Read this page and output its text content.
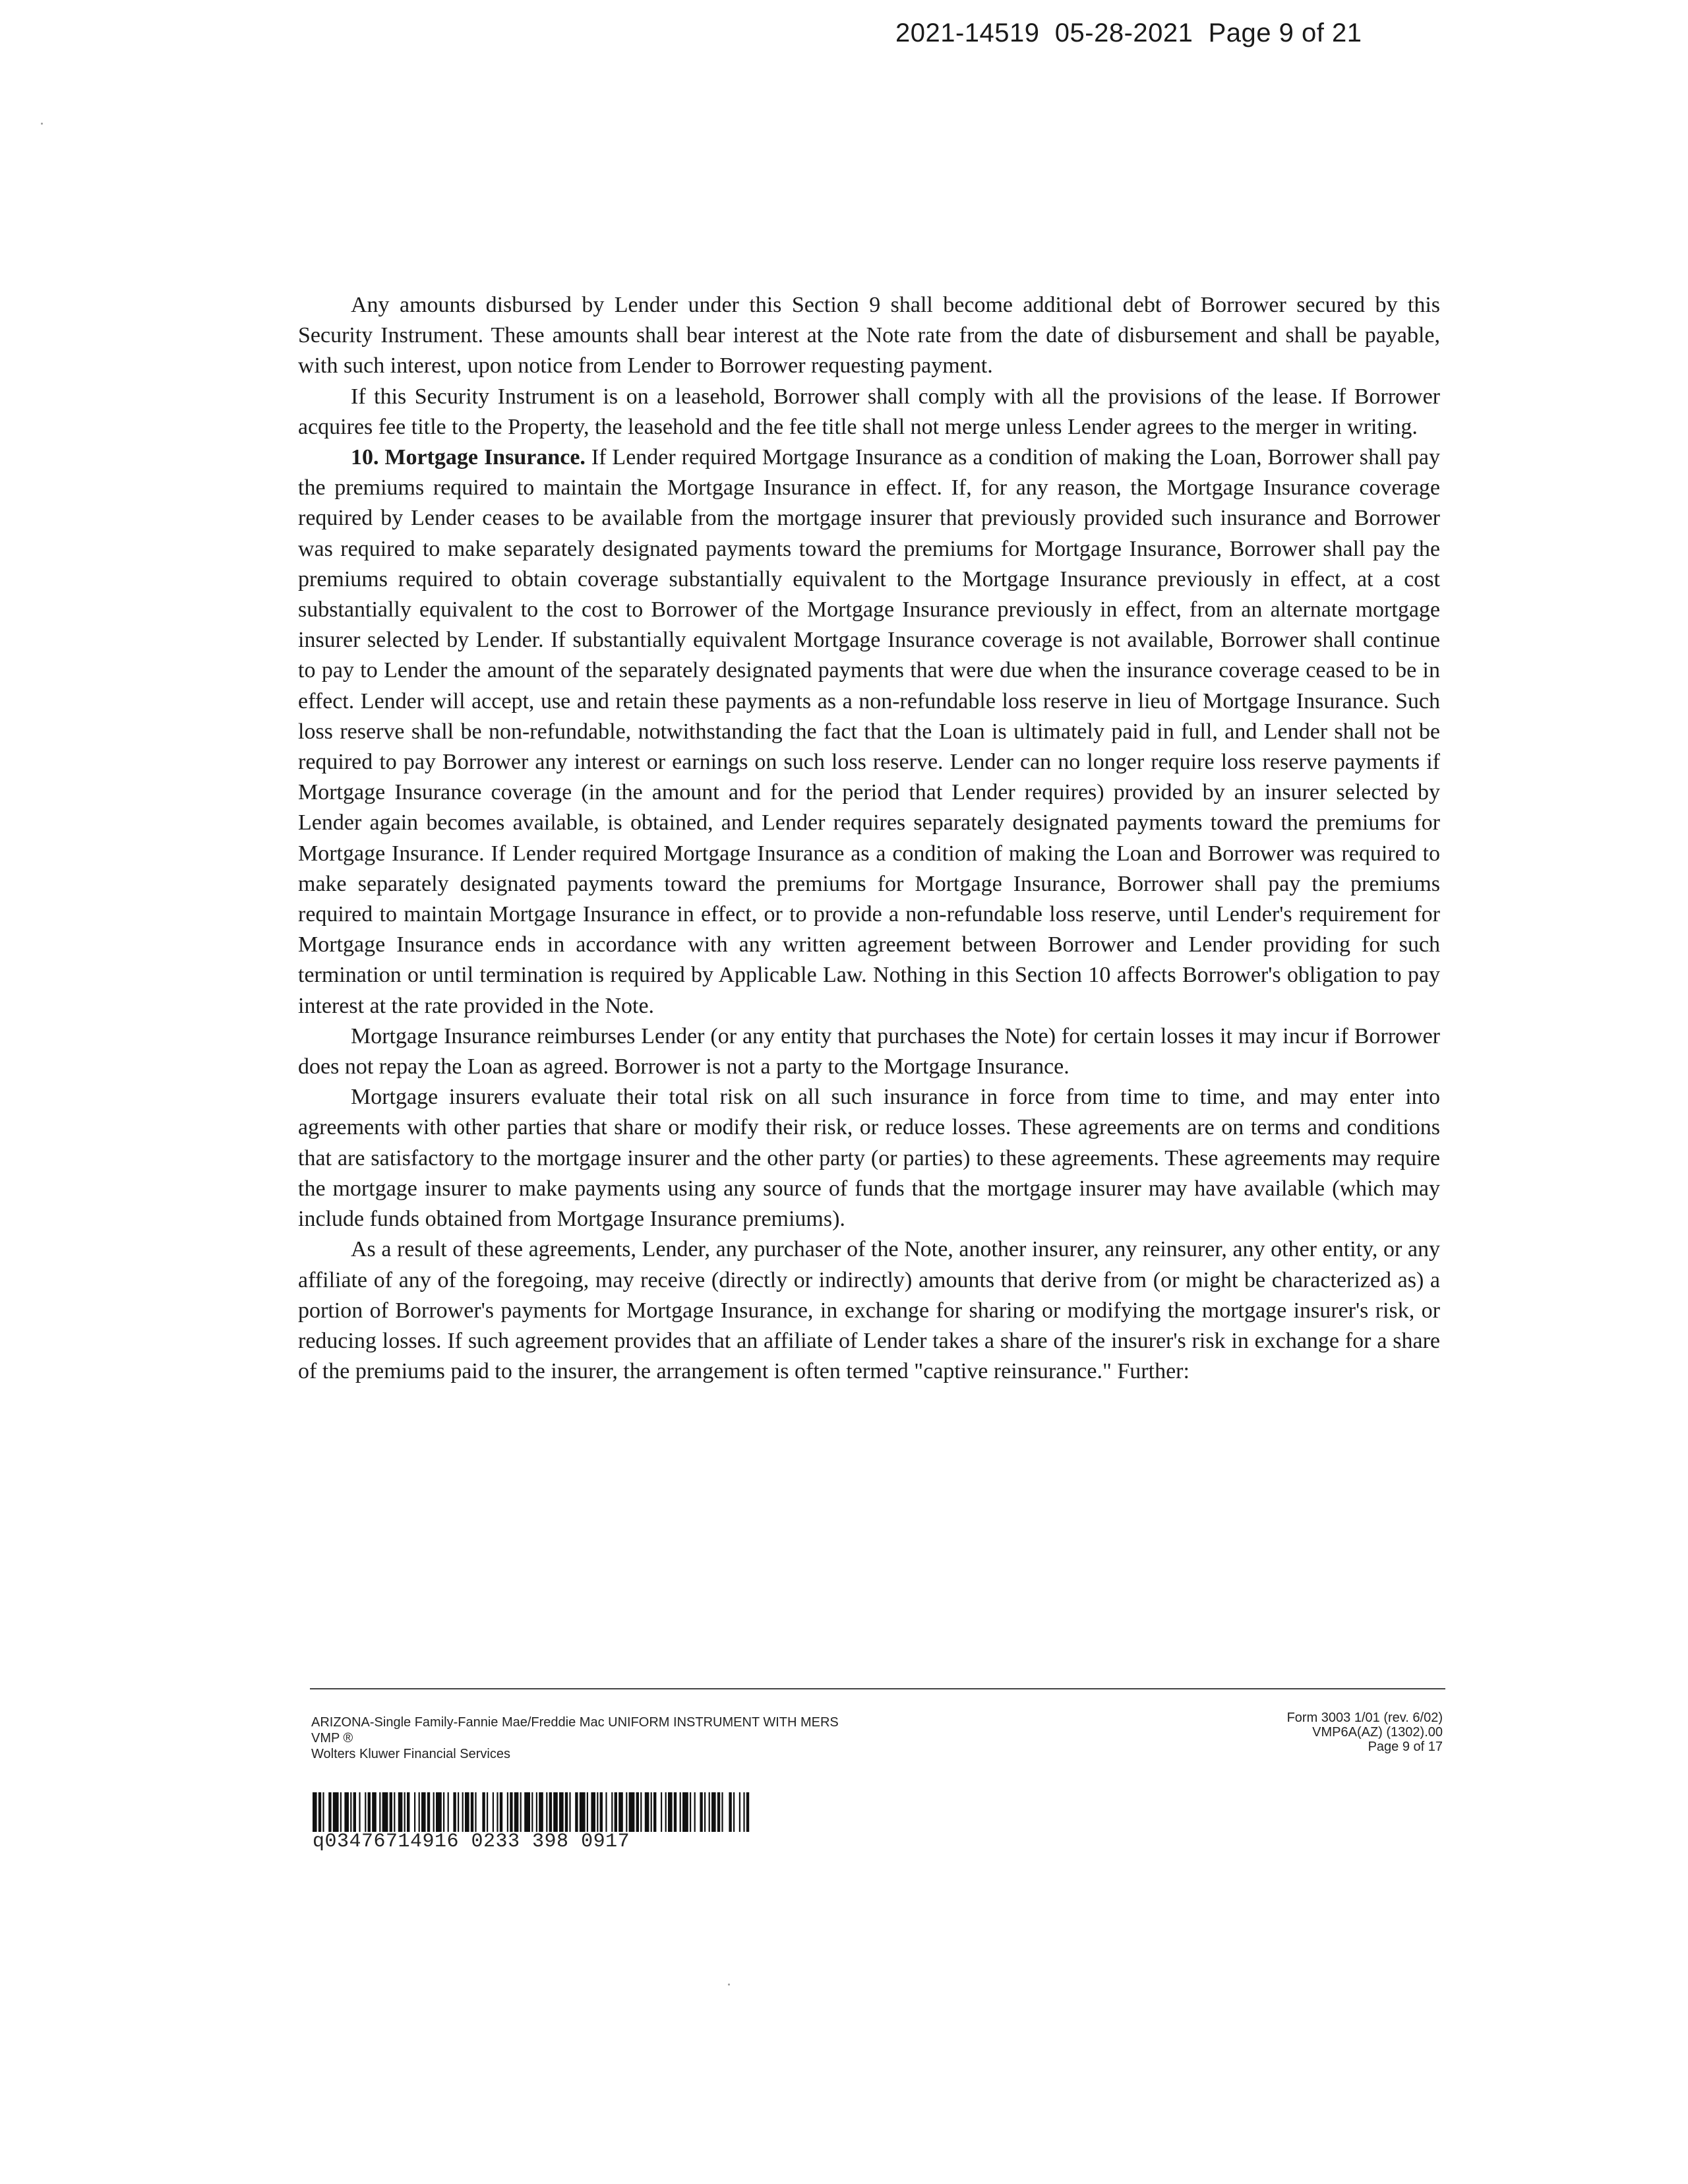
2021-14519  05-28-2021  Page 9 of 21

Any amounts disbursed by Lender under this Section 9 shall become additional debt of Borrower secured by this Security Instrument. These amounts shall bear interest at the Note rate from the date of disbursement and shall be payable, with such interest, upon notice from Lender to Borrower requesting payment.

If this Security Instrument is on a leasehold, Borrower shall comply with all the provisions of the lease. If Borrower acquires fee title to the Property, the leasehold and the fee title shall not merge unless Lender agrees to the merger in writing.

10. Mortgage Insurance. If Lender required Mortgage Insurance as a condition of making the Loan, Borrower shall pay the premiums required to maintain the Mortgage Insurance in effect. If, for any reason, the Mortgage Insurance coverage required by Lender ceases to be available from the mortgage insurer that previously provided such insurance and Borrower was required to make separately designated payments toward the premiums for Mortgage Insurance, Borrower shall pay the premiums required to obtain coverage substantially equivalent to the Mortgage Insurance previously in effect, at a cost substantially equivalent to the cost to Borrower of the Mortgage Insurance previously in effect, from an alternate mortgage insurer selected by Lender. If substantially equivalent Mortgage Insurance coverage is not available, Borrower shall continue to pay to Lender the amount of the separately designated payments that were due when the insurance coverage ceased to be in effect. Lender will accept, use and retain these payments as a non-refundable loss reserve in lieu of Mortgage Insurance. Such loss reserve shall be non-refundable, notwithstanding the fact that the Loan is ultimately paid in full, and Lender shall not be required to pay Borrower any interest or earnings on such loss reserve. Lender can no longer require loss reserve payments if Mortgage Insurance coverage (in the amount and for the period that Lender requires) provided by an insurer selected by Lender again becomes available, is obtained, and Lender requires separately designated payments toward the premiums for Mortgage Insurance. If Lender required Mortgage Insurance as a condition of making the Loan and Borrower was required to make separately designated payments toward the premiums for Mortgage Insurance, Borrower shall pay the premiums required to maintain Mortgage Insurance in effect, or to provide a non-refundable loss reserve, until Lender's requirement for Mortgage Insurance ends in accordance with any written agreement between Borrower and Lender providing for such termination or until termination is required by Applicable Law. Nothing in this Section 10 affects Borrower's obligation to pay interest at the rate provided in the Note.

Mortgage Insurance reimburses Lender (or any entity that purchases the Note) for certain losses it may incur if Borrower does not repay the Loan as agreed. Borrower is not a party to the Mortgage Insurance.

Mortgage insurers evaluate their total risk on all such insurance in force from time to time, and may enter into agreements with other parties that share or modify their risk, or reduce losses. These agreements are on terms and conditions that are satisfactory to the mortgage insurer and the other party (or parties) to these agreements. These agreements may require the mortgage insurer to make payments using any source of funds that the mortgage insurer may have available (which may include funds obtained from Mortgage Insurance premiums).

As a result of these agreements, Lender, any purchaser of the Note, another insurer, any reinsurer, any other entity, or any affiliate of any of the foregoing, may receive (directly or indirectly) amounts that derive from (or might be characterized as) a portion of Borrower's payments for Mortgage Insurance, in exchange for sharing or modifying the mortgage insurer's risk, or reducing losses. If such agreement provides that an affiliate of Lender takes a share of the insurer's risk in exchange for a share of the premiums paid to the insurer, the arrangement is often termed "captive reinsurance." Further:

ARIZONA-Single Family-Fannie Mae/Freddie Mac UNIFORM INSTRUMENT WITH MERS
VMP ®
Wolters Kluwer Financial Services
Form 3003 1/01 (rev. 6/02)
VMP6A(AZ) (1302).00
Page 9 of 17
q03476714916 0233 398 0917
